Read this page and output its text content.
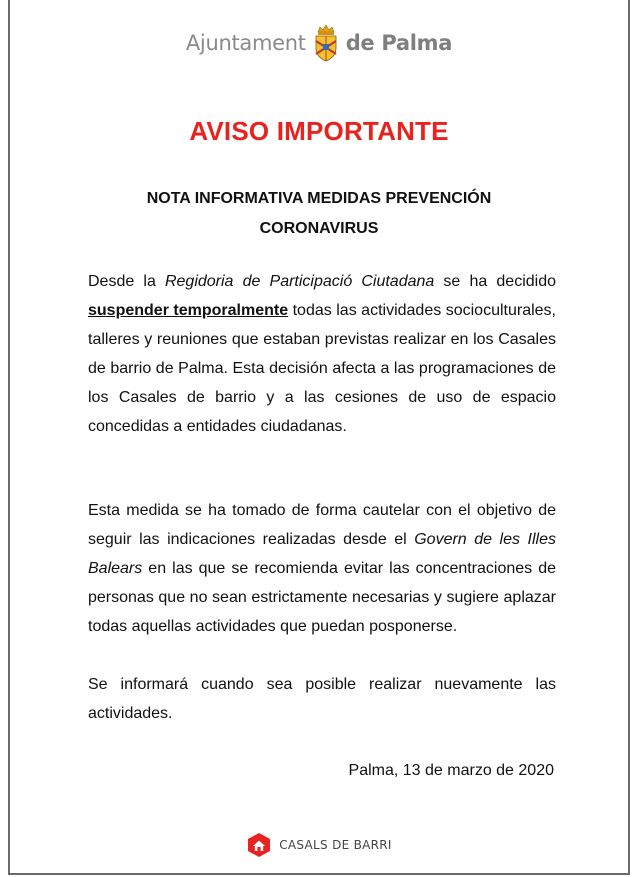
Ajuntament de Palma
AVISO IMPORTANTE
NOTA INFORMATIVA MEDIDAS PREVENCIÓN
CORONAVIRUS
Desde la Regidoria de Participació Ciutadana se ha decidido suspender temporalmente todas las actividades socioculturales, talleres y reuniones que estaban previstas realizar en los Casales de barrio de Palma. Esta decisión afecta a las programaciones de los Casales de barrio y a las cesiones de uso de espacio concedidas a entidades ciudadanas.
Esta medida se ha tomado de forma cautelar con el objetivo de seguir las indicaciones realizadas desde el Govern de les Illes Balears en las que se recomienda evitar las concentraciones de personas que no sean estrictamente necesarias y sugiere aplazar todas aquellas actividades que puedan posponerse.
Se informará cuando sea posible realizar nuevamente las actividades.
Palma, 13 de marzo de 2020
CASALS DE BARRI
